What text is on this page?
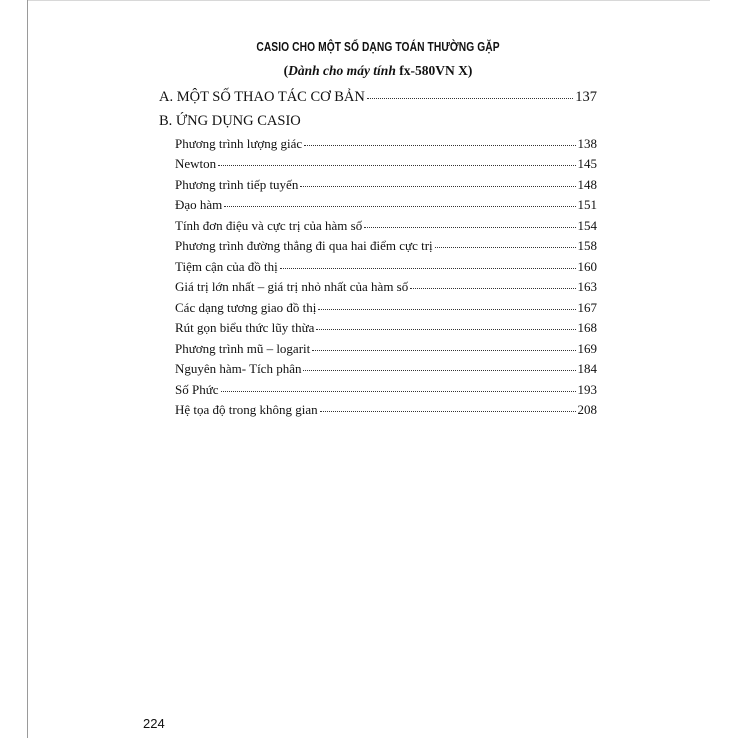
CASIO CHO MỘT SỐ DẠNG TOÁN THƯỜNG GẶP
(Dành cho máy tính fx-580VN X)
A. MỘT SỐ THAO TÁC CƠ BẢN	137
B. ỨNG DỤNG CASIO
Phương trình lượng giác	138
Newton	145
Phương trình tiếp tuyến	148
Đạo hàm	151
Tính đơn điệu và cực trị của hàm số	154
Phương trình đường thẳng đi qua hai điểm cực trị	158
Tiệm cận của đồ thị	160
Giá trị lớn nhất – giá trị nhỏ nhất của hàm số	163
Các dạng tương giao đồ thị	167
Rút gọn biểu thức lũy thừa	168
Phương trình mũ – logarit	169
Nguyên hàm- Tích phân	184
Số Phức	193
Hệ tọa độ trong không gian	208
224
